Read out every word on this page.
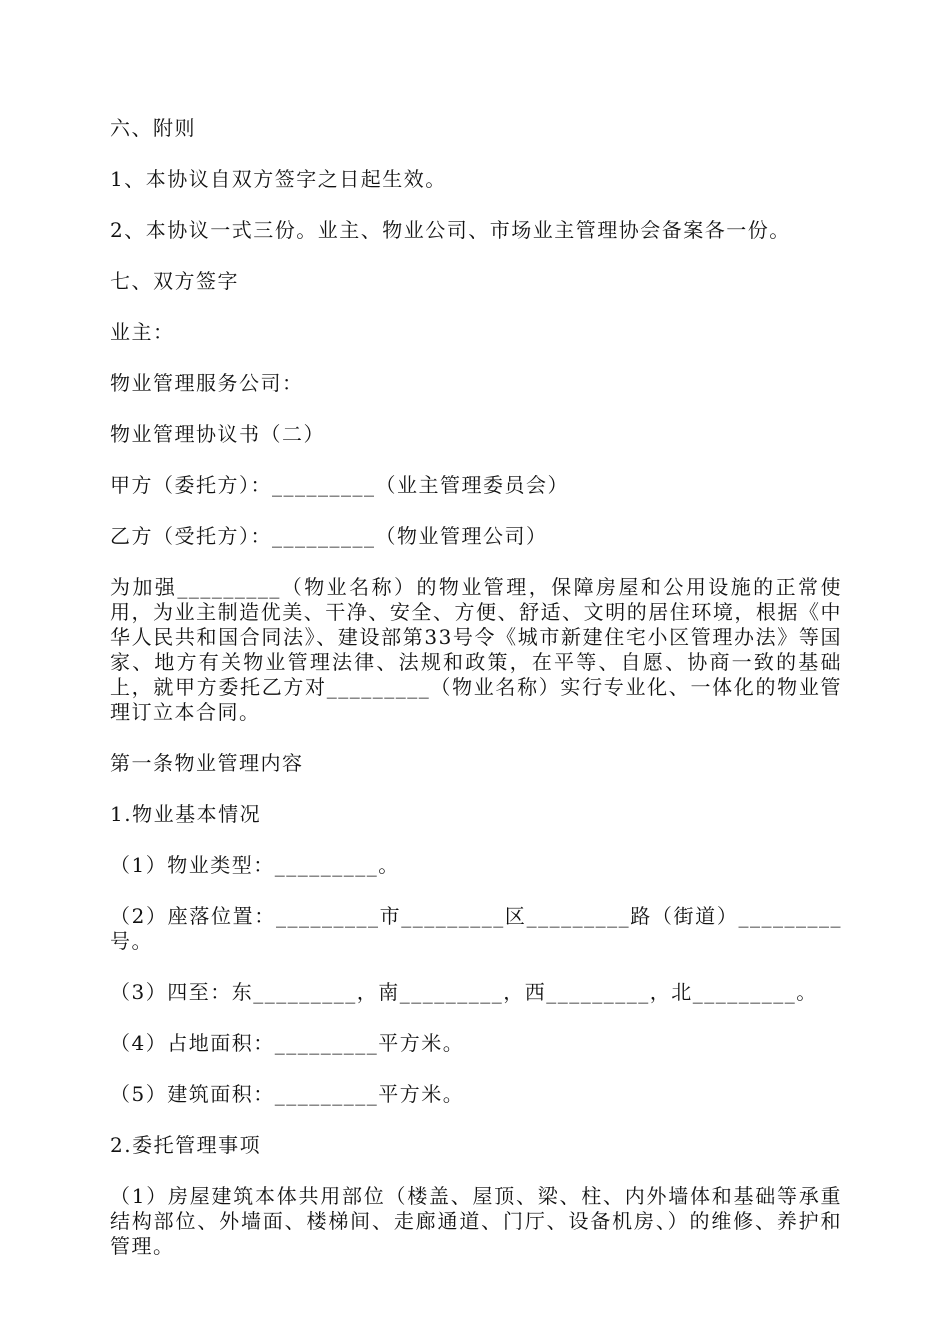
六、附则

1、本协议自双方签字之日起生效。

2、本协议一式三份。业主、物业公司、市场业主管理协会备案各一份。

七、双方签字

业主：

物业管理服务公司：

物业管理协议书（二）

甲方（委托方）：_________（业主管理委员会）

乙方（受托方）：_________（物业管理公司）

为加强_________（物业名称）的物业管理，保障房屋和公用设施的正常使用，为业主制造优美、干净、安全、方便、舒适、文明的居住环境，根据《中华人民共和国合同法》、建设部第33号令《城市新建住宅小区管理办法》等国家、地方有关物业管理法律、法规和政策，在平等、自愿、协商一致的基础上，就甲方委托乙方对_________（物业名称）实行专业化、一体化的物业管理订立本合同。

第一条物业管理内容

1.物业基本情况

（1）物业类型：_________。

（2）座落位置：_________市_________区_________路（街道）_________号。

（3）四至：东_________，南_________，西_________，北_________。

（4）占地面积：_________平方米。

（5）建筑面积：_________平方米。

2.委托管理事项

（1）房屋建筑本体共用部位（楼盖、屋顶、梁、柱、内外墙体和基础等承重结构部位、外墙面、楼梯间、走廊通道、门厅、设备机房、）的维修、养护和管理。
